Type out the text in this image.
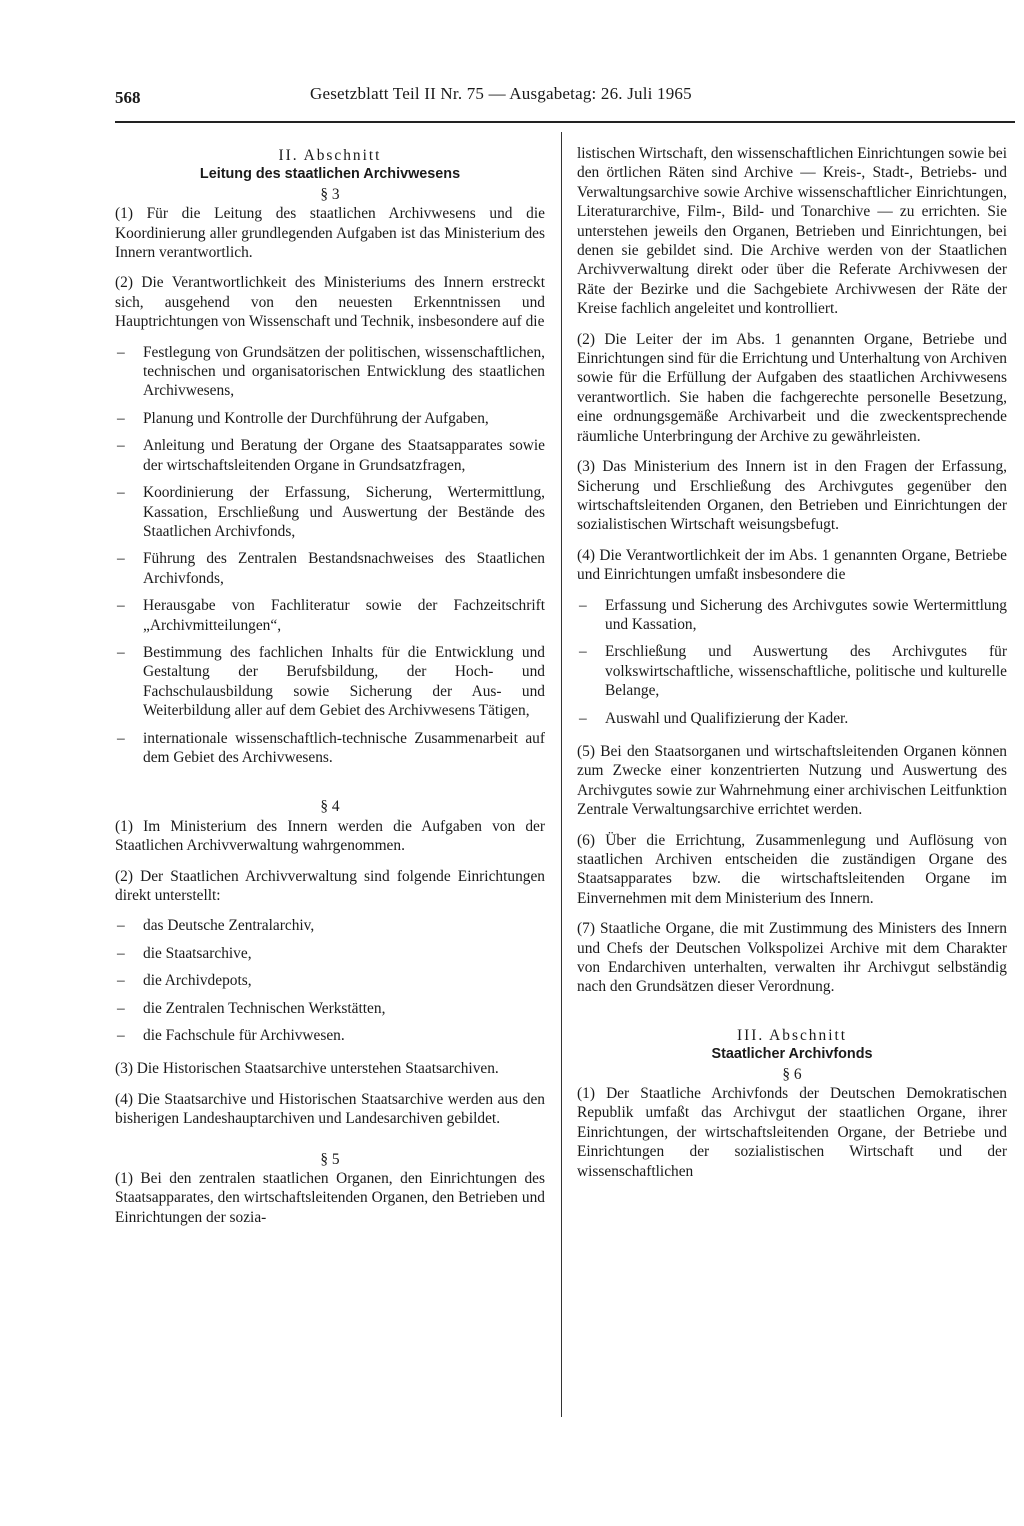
568	Gesetzblatt Teil II Nr. 75 — Ausgabetag: 26. Juli 1965

II. Abschnitt

Leitung des staatlichen Archivwesens

§ 3

(1) Für die Leitung des staatlichen Archivwesens und die Koordinierung aller grundlegenden Aufgaben ist das Ministerium des Innern verantwortlich.

(2) Die Verantwortlichkeit des Ministeriums des Innern erstreckt sich, ausgehend von den neuesten Erkenntnissen und Hauptrichtungen von Wissenschaft und Technik, insbesondere auf die

– Festlegung von Grundsätzen der politischen, wissenschaftlichen, technischen und organisatorischen Entwicklung des staatlichen Archivwesens,
– Planung und Kontrolle der Durchführung der Aufgaben,
– Anleitung und Beratung der Organe des Staatsapparates sowie der wirtschaftsleitenden Organe in Grundsatzfragen,
– Koordinierung der Erfassung, Sicherung, Wertermittlung, Kassation, Erschließung und Auswertung der Bestände des Staatlichen Archivfonds,
– Führung des Zentralen Bestandsnachweises des Staatlichen Archivfonds,
– Herausgabe von Fachliteratur sowie der Fachzeitschrift „Archivmitteilungen“,
– Bestimmung des fachlichen Inhalts für die Entwicklung und Gestaltung der Berufsbildung, der Hoch- und Fachschulausbildung sowie Sicherung der Aus- und Weiterbildung aller auf dem Gebiet des Archivwesens Tätigen,
– internationale wissenschaftlich-technische Zusammenarbeit auf dem Gebiet des Archivwesens.

§ 4

(1) Im Ministerium des Innern werden die Aufgaben von der Staatlichen Archivverwaltung wahrgenommen.

(2) Der Staatlichen Archivverwaltung sind folgende Einrichtungen direkt unterstellt:

– das Deutsche Zentralarchiv,
– die Staatsarchive,
– die Archivdepots,
– die Zentralen Technischen Werkstätten,
– die Fachschule für Archivwesen.

(3) Die Historischen Staatsarchive unterstehen Staatsarchiven.

(4) Die Staatsarchive und Historischen Staatsarchive werden aus den bisherigen Landeshauptarchiven und Landesarchiven gebildet.

§ 5

(1) Bei den zentralen staatlichen Organen, den Einrichtungen des Staatsapparates, den wirtschaftsleitenden Organen, den Betrieben und Einrichtungen der sozia-

listischen Wirtschaft, den wissenschaftlichen Einrichtungen sowie bei den örtlichen Räten sind Archive — Kreis-, Stadt-, Betriebs- und Verwaltungsarchive sowie Archive wissenschaftlicher Einrichtungen, Literaturarchive, Film-, Bild- und Tonarchive — zu errichten. Sie unterstehen jeweils den Organen, Betrieben und Einrichtungen, bei denen sie gebildet sind. Die Archive werden von der Staatlichen Archivverwaltung direkt oder über die Referate Archivwesen der Räte der Bezirke und die Sachgebiete Archivwesen der Räte der Kreise fachlich angeleitet und kontrolliert.

(2) Die Leiter der im Abs. 1 genannten Organe, Betriebe und Einrichtungen sind für die Errichtung und Unterhaltung von Archiven sowie für die Erfüllung der Aufgaben des staatlichen Archivwesens verantwortlich. Sie haben die fachgerechte personelle Besetzung, eine ordnungsgemäße Archivarbeit und die zweckentsprechende räumliche Unterbringung der Archive zu gewährleisten.

(3) Das Ministerium des Innern ist in den Fragen der Erfassung, Sicherung und Erschließung des Archivgutes gegenüber den wirtschaftsleitenden Organen, den Betrieben und Einrichtungen der sozialistischen Wirtschaft weisungsbefugt.

(4) Die Verantwortlichkeit der im Abs. 1 genannten Organe, Betriebe und Einrichtungen umfaßt insbesondere die

– Erfassung und Sicherung des Archivgutes sowie Wertermittlung und Kassation,
– Erschließung und Auswertung des Archivgutes für volkswirtschaftliche, wissenschaftliche, politische und kulturelle Belange,
– Auswahl und Qualifizierung der Kader.

(5) Bei den Staatsorganen und wirtschaftsleitenden Organen können zum Zwecke einer konzentrierten Nutzung und Auswertung des Archivgutes sowie zur Wahrnehmung einer archivischen Leitfunktion Zentrale Verwaltungsarchive errichtet werden.

(6) Über die Errichtung, Zusammenlegung und Auflösung von staatlichen Archiven entscheiden die zuständigen Organe des Staatsapparates bzw. die wirtschaftsleitenden Organe im Einvernehmen mit dem Ministerium des Innern.

(7) Staatliche Organe, die mit Zustimmung des Ministers des Innern und Chefs der Deutschen Volkspolizei Archive mit dem Charakter von Endarchiven unterhalten, verwalten ihr Archivgut selbständig nach den Grundsätzen dieser Verordnung.

III. Abschnitt

Staatlicher Archivfonds

§ 6

(1) Der Staatliche Archivfonds der Deutschen Demokratischen Republik umfaßt das Archivgut der staatlichen Organe, ihrer Einrichtungen, der wirtschaftsleitenden Organe, der Betriebe und Einrichtungen der sozialistischen Wirtschaft und der wissenschaftlichen
